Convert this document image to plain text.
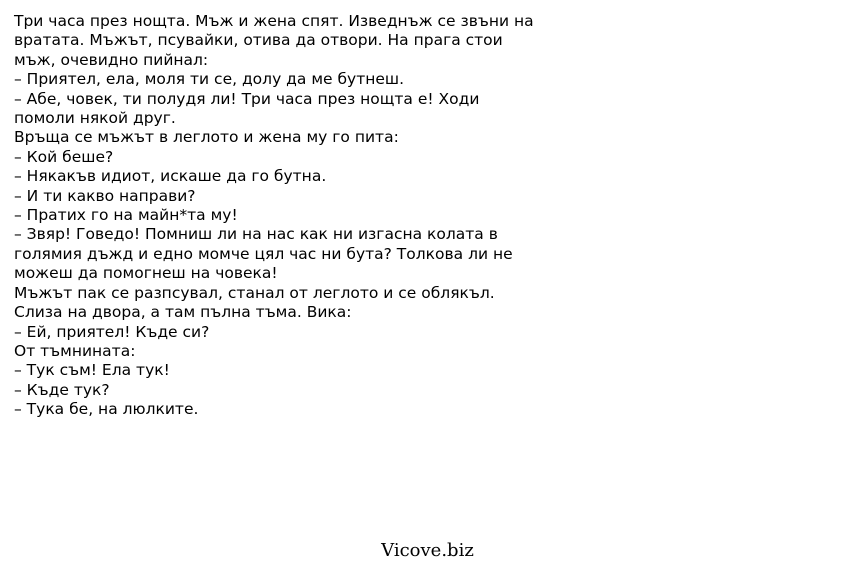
Три часа през нощта. Мъж и жена спят. Изведнъж се звъни на
вратата. Мъжът, псувайки, отива да отвори. На прага стои
мъж, очевидно пийнал:
– Приятел, ела, моля ти се, долу да ме бутнеш.
– Абе, човек, ти полудя ли! Три часа през нощта е! Ходи
помоли някой друг.
Връща се мъжът в леглото и жена му го пита:
– Кой беше?
– Някакъв идиот, искаше да го бутна.
– И ти какво направи?
– Пратих го на майн*та му!
– Звяр! Говедо! Помниш ли на нас как ни изгасна колата в
голямия дъжд и едно момче цял час ни бута? Толкова ли не
можеш да помогнеш на човека!
Мъжът пак се разпсувал, станал от леглото и се облякъл.
Слиза на двора, а там пълна тъма. Вика:
– Ей, приятел! Къде си?
От тъмнината:
– Тук съм! Ела тук!
– Къде тук?
– Тука бе, на люлките.
Vicove.biz
